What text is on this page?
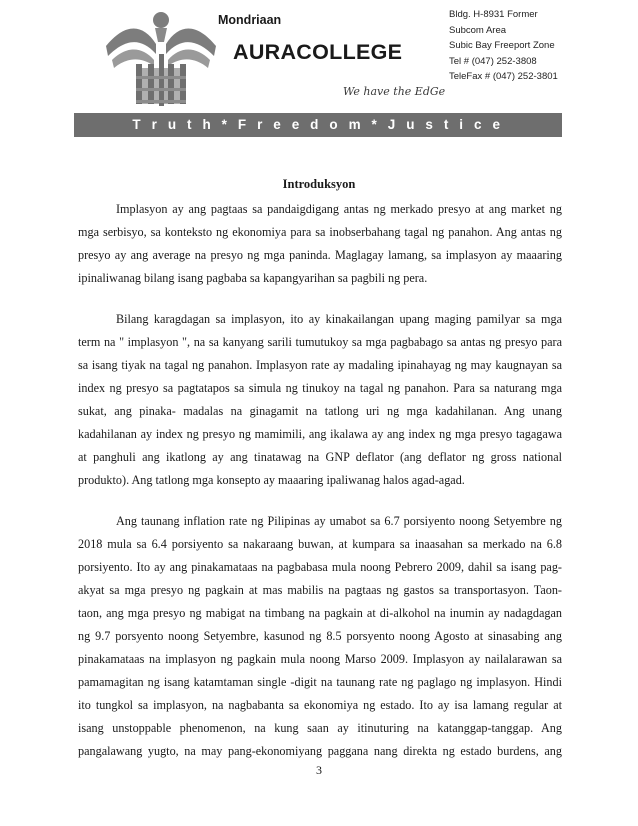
Mondriaan
AURACOLLEGE
We have the EdGe
Bldg. H-8931 Former
Subcom Area
Subic Bay Freeport Zone
Tel # (047) 252-3808
TeleFax # (047) 252-3801
T r u t h * F r e e d o m * J u s t i c e
Introduksyon

Implasyon ay ang pagtaas sa pandaigdigang antas ng merkado presyo at ang market ng

mga serbisyo, sa konteksto ng ekonomiya para sa inobserbahang tagal ng panahon. Ang antas ng

presyo ay ang average na presyo ng mga paninda. Maglagay lamang, sa implasyon ay maaaring

ipinaliwanag bilang isang pagbaba sa kapangyarihan sa pagbili ng pera.

Bilang karagdagan sa implasyon, ito ay kinakailangan upang maging pamilyar sa mga

term na " implasyon ", na sa kanyang sarili tumutukoy sa mga pagbabago sa antas ng presyo para

sa isang tiyak na tagal ng panahon. Implasyon rate ay madaling ipinahayag ng may kaugnayan sa

index ng presyo sa pagtatapos sa simula ng tinukoy na tagal ng panahon. Para sa naturang mga

sukat, ang pinaka- madalas na ginagamit na tatlong uri ng mga kadahilanan. Ang unang

kadahilanan ay index ng presyo ng mamimili, ang ikalawa ay ang index ng mga presyo tagagawa

at panghuli ang ikatlong ay ang tinatawag na GNP deflator (ang deflator ng gross national

produkto). Ang tatlong mga konsepto ay maaaring ipaliwanag halos agad-agad.

Ang taunang inflation rate ng Pilipinas ay umabot sa 6.7 porsiyento noong Setyembre ng

2018 mula sa 6.4 porsiyento sa nakaraang buwan, at kumpara sa inaasahan sa merkado na 6.8

porsiyento. Ito ay ang pinakamataas na pagbabasa mula noong Pebrero 2009, dahil sa isang pag-

akyat sa mga presyo ng pagkain at mas mabilis na pagtaas ng gastos sa transportasyon. Taon-

taon, ang mga presyo ng mabigat na timbang na pagkain at di-alkohol na inumin ay nadagdagan

ng 9.7 porsyento noong Setyembre, kasunod ng 8.5 porsyento noong Agosto at sinasabing ang

pinakamataas na implasyon ng pagkain mula noong Marso 2009. Implasyon ay nailalarawan sa

pamamagitan ng isang katamtaman single -digit na taunang rate ng paglago ng implasyon. Hindi

ito tungkol sa implasyon, na nagbabanta sa ekonomiya ng estado. Ito ay isa lamang regular at

isang unstoppable phenomenon, na kung saan ay itinuturing na katanggap-tanggap. Ang

pangalawang yugto, na may pang-ekonomiyang paggana nang direkta ng estado burdens, ang

3
